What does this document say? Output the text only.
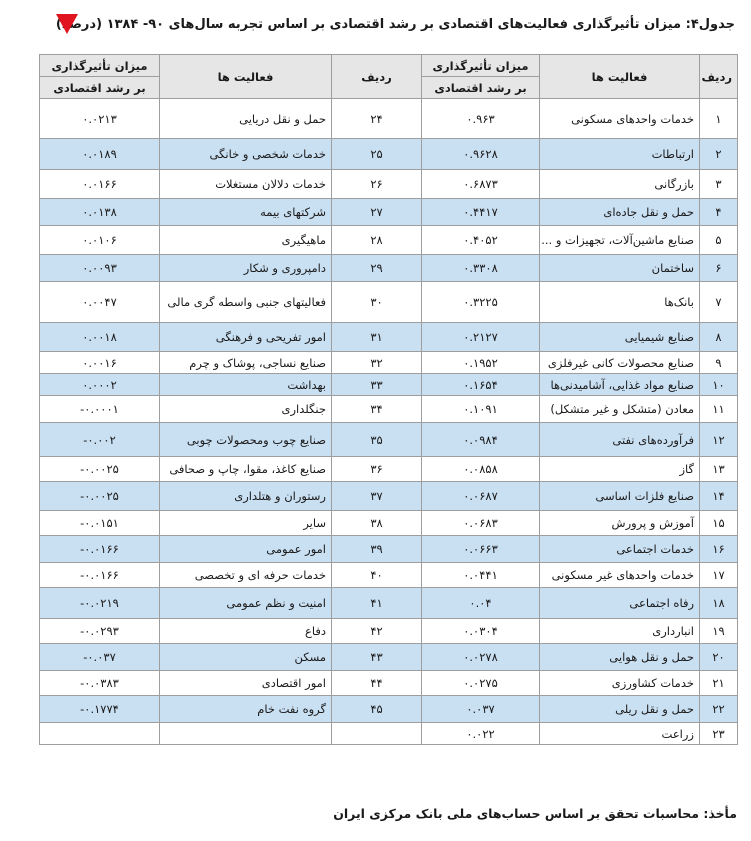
جدول۴: میزان تأثیرگذاری فعالیت‌های اقتصادی بر رشد اقتصادی بر اساس تجربه سال‌های ۹۰- ۱۳۸۴ (درصد)
ردیف	فعالیت ها	میزان تأثیرگذاری	ردیف	فعالیت ها	میزان تأثیرگذاری
		بر رشد اقتصادی			بر رشد اقتصادی
۱	خدمات واحدهای مسکونی	۰.۹۶۳	۲۴	حمل و نقل دریایی	۰.۰۲۱۳
۲	ارتباطات	۰.۹۶۲۸	۲۵	خدمات شخصی و خانگی	۰.۰۱۸۹
۳	بازرگانی	۰.۶۸۷۳	۲۶	خدمات دلالان مستغلات	۰.۰۱۶۶
۴	حمل و نقل جاده‌ای	۰.۴۴۱۷	۲۷	شرکتهای بیمه	۰.۰۱۳۸
۵	صنایع ماشین‌آلات، تجهیزات و ...	۰.۴۰۵۲	۲۸	ماهیگیری	۰.۰۱۰۶
۶	ساختمان	۰.۳۳۰۸	۲۹	دامپروری و شکار	۰.۰۰۹۳
۷	بانک‌ها	۰.۳۲۲۵	۳۰	فعالیتهای جنبی واسطه گری مالی	۰.۰۰۴۷
۸	صنایع شیمیایی	۰.۲۱۲۷	۳۱	امور تفریحی و فرهنگی	۰.۰۰۱۸
۹	صنایع محصولات کانی غیرفلزی	۰.۱۹۵۲	۳۲	صنایع نساجی، پوشاک و چرم	۰.۰۰۱۶
۱۰	صنایع مواد غذایی، آشامیدنی‌ها	۰.۱۶۵۴	۳۳	بهداشت	۰.۰۰۰۲
۱۱	معادن (متشکل و غیر متشکل)	۰.۱۰۹۱	۳۴	جنگلداری	-۰.۰۰۰۱
۱۲	فرآورده‌های نفتی	۰.۰۹۸۴	۳۵	صنایع چوب ومحصولات چوبی	-۰.۰۰۲
۱۳	گاز	۰.۰۸۵۸	۳۶	صنایع کاغذ، مقوا، چاپ و صحافی	-۰.۰۰۲۵
۱۴	صنایع فلزات اساسی	۰.۰۶۸۷	۳۷	رستوران و هتلداری	-۰.۰۰۲۵
۱۵	آموزش و پرورش	۰.۰۶۸۳	۳۸	سایر	-۰.۰۱۵۱
۱۶	خدمات اجتماعی	۰.۰۶۶۳	۳۹	امور عمومی	-۰.۰۱۶۶
۱۷	خدمات واحدهای غیر مسکونی	۰.۰۴۴۱	۴۰	خدمات حرفه ای و تخصصی	-۰.۰۱۶۶
۱۸	رفاه اجتماعی	۰.۰۴	۴۱	امنیت و نظم عمومی	-۰.۰۲۱۹
۱۹	انبارداری	۰.۰۳۰۴	۴۲	دفاع	-۰.۰۲۹۳
۲۰	حمل و نقل هوایی	۰.۰۲۷۸	۴۳	مسکن	-۰.۰۳۷
۲۱	خدمات کشاورزی	۰.۰۲۷۵	۴۴	امور اقتصادی	-۰.۰۳۸۳
۲۲	حمل و نقل ریلی	۰.۰۳۷	۴۵	گروه نفت خام	-۰.۱۷۷۴
۲۳	زراعت	۰.۰۲۲			
مأخذ: محاسبات تحقق بر اساس حساب‌های ملی بانک مرکزی ایران
